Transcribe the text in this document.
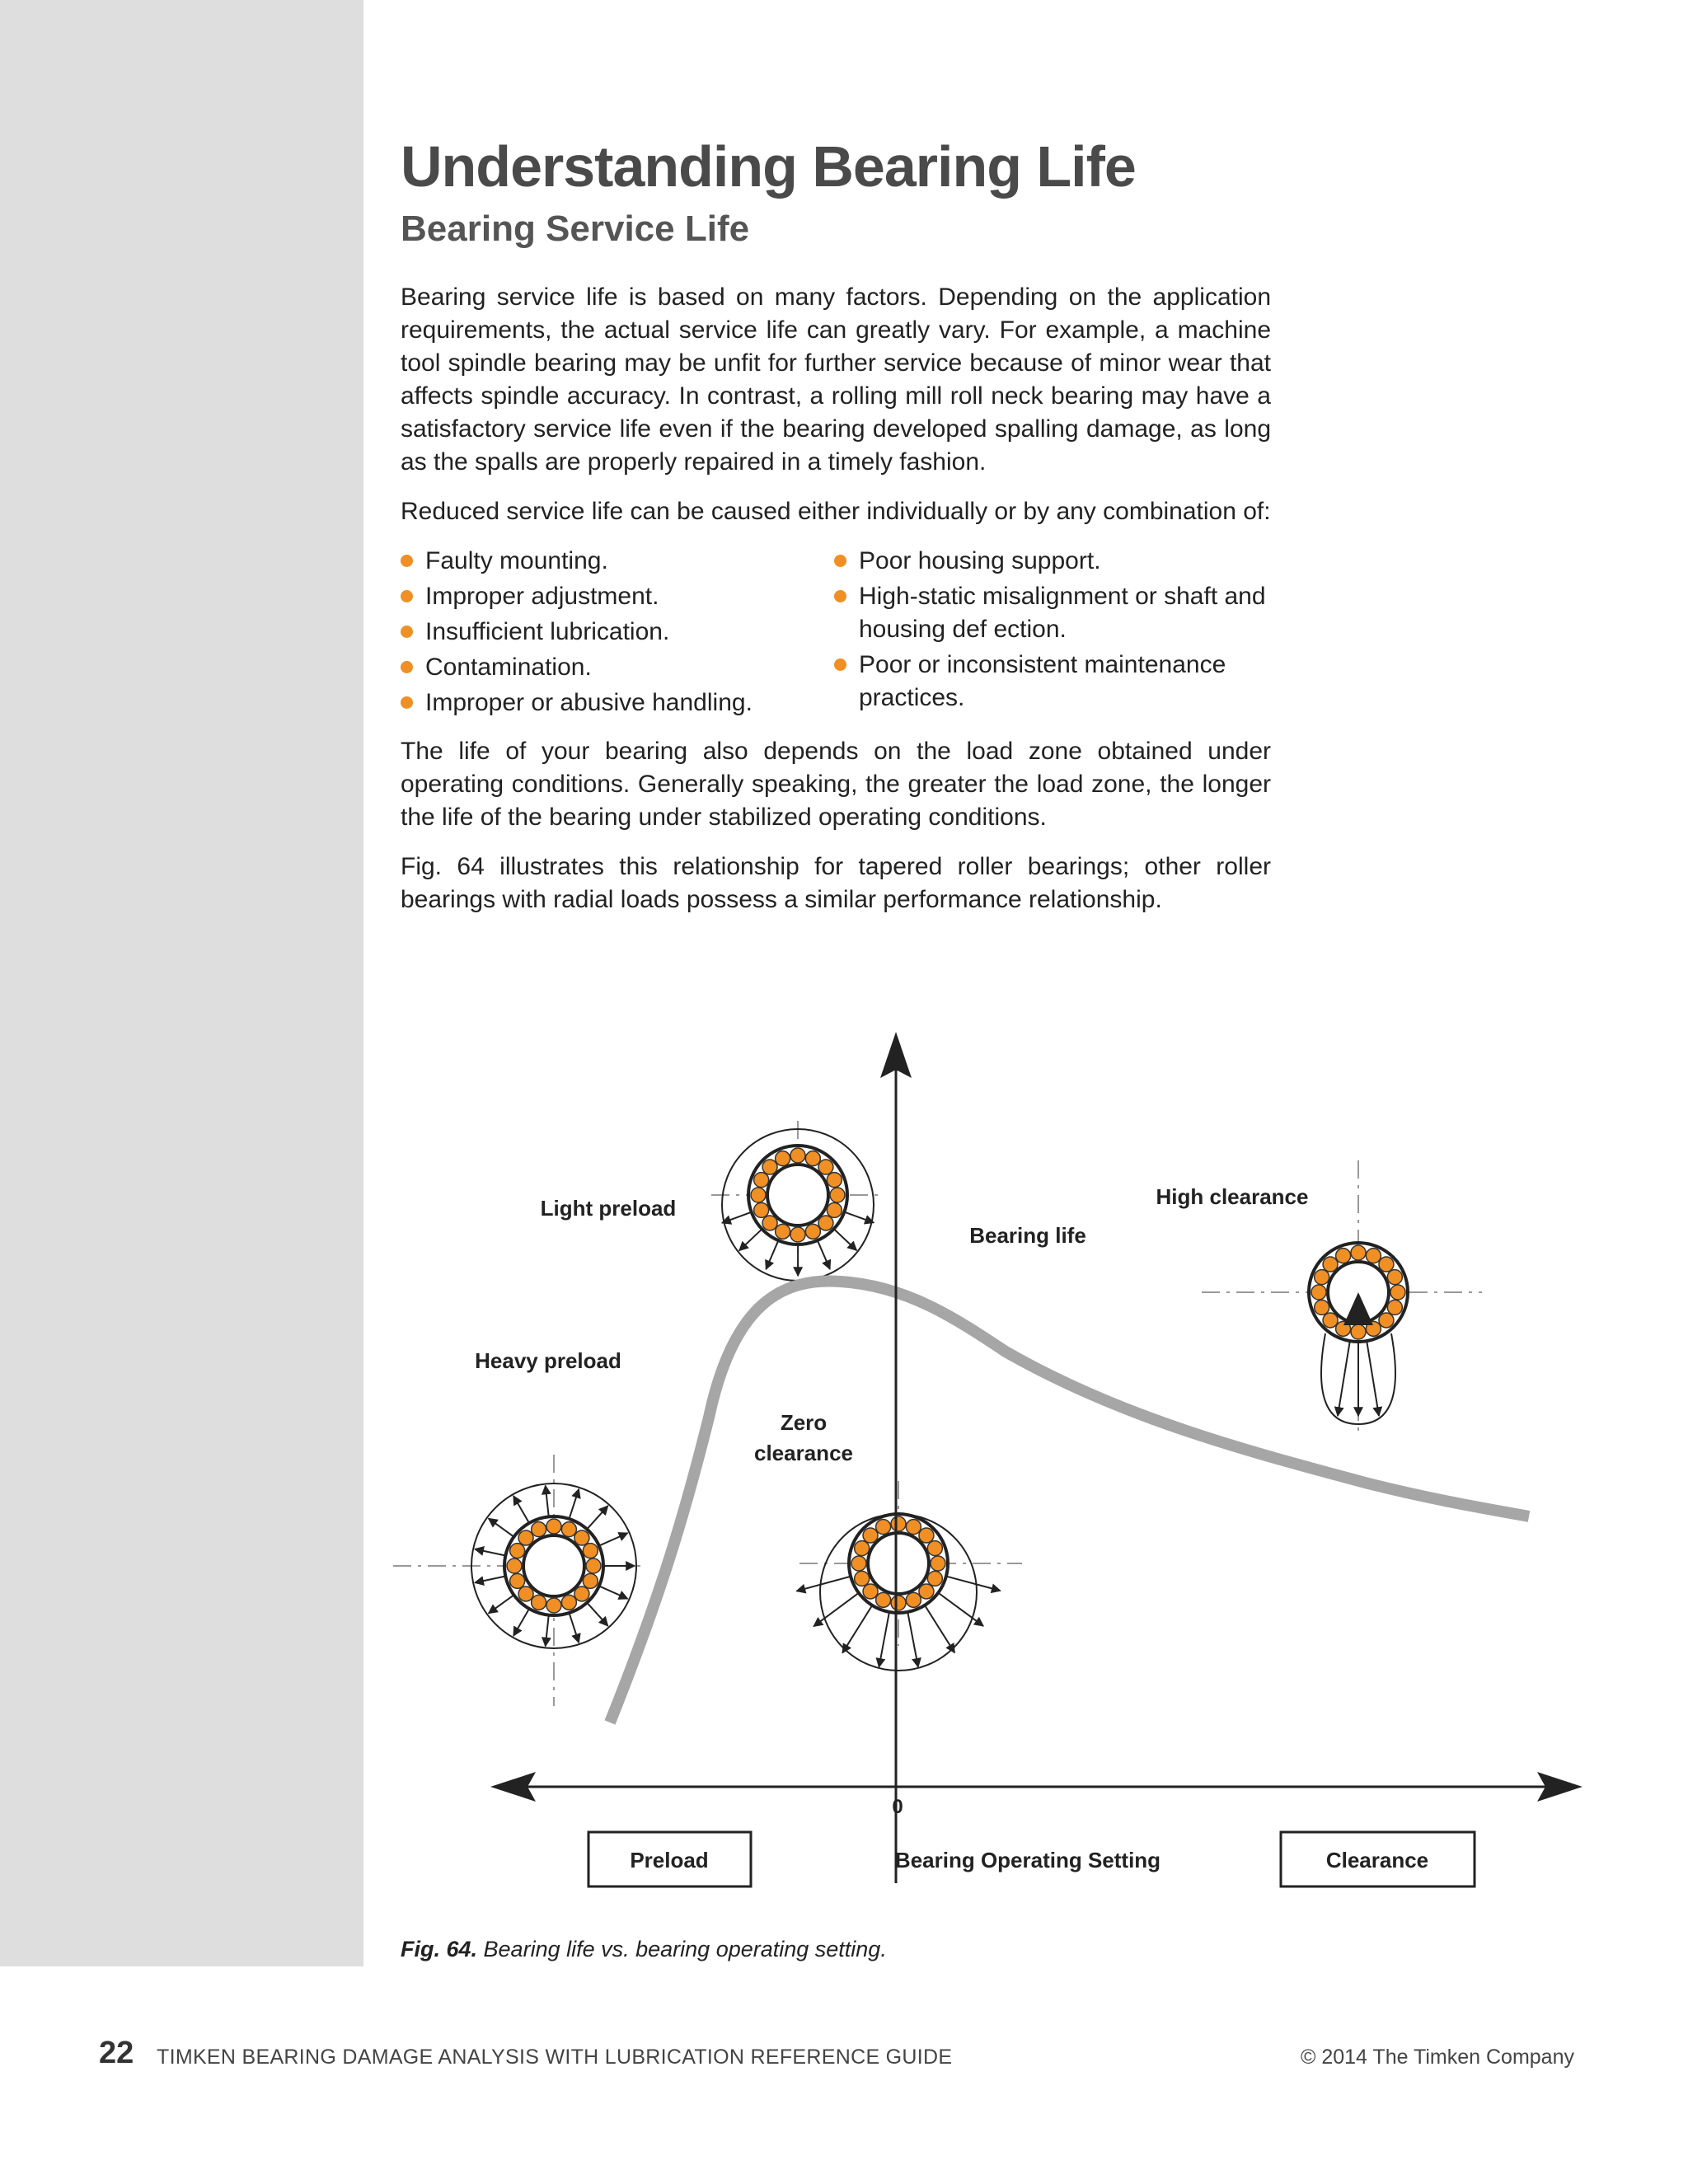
Understanding Bearing Life
Bearing Service Life

Bearing service life is based on many factors. Depending on the application requirements, the actual service life can greatly vary. For example, a machine tool spindle bearing may be unfit for further service because of minor wear that affects spindle accuracy. In contrast, a rolling mill roll neck bearing may have a satisfactory service life even if the bearing developed spalling damage, as long as the spalls are properly repaired in a timely fashion.

Reduced service life can be caused either individually or by any combination of:

Faulty mounting.
Improper adjustment.
Insufficient lubrication.
Contamination.
Improper or abusive handling.
Poor housing support.
High-static misalignment or shaft and housing def ection.
Poor or inconsistent maintenance practices.

The life of your bearing also depends on the load zone obtained under operating conditions. Generally speaking, the greater the load zone, the longer the life of the bearing under stabilized operating conditions.

Fig. 64 illustrates this relationship for tapered roller bearings; other roller bearings with radial loads possess a similar performance relationship.

Light preload
Heavy preload
Zero
clearance
Bearing life
High clearance
0
Preload	Bearing Operating Setting	Clearance
Fig. 64. Bearing life vs. bearing operating setting.
22 TIMKEN BEARING DAMAGE ANALYSIS WITH LUBRICATION REFERENCE GUIDE	© 2014 The Timken Company
